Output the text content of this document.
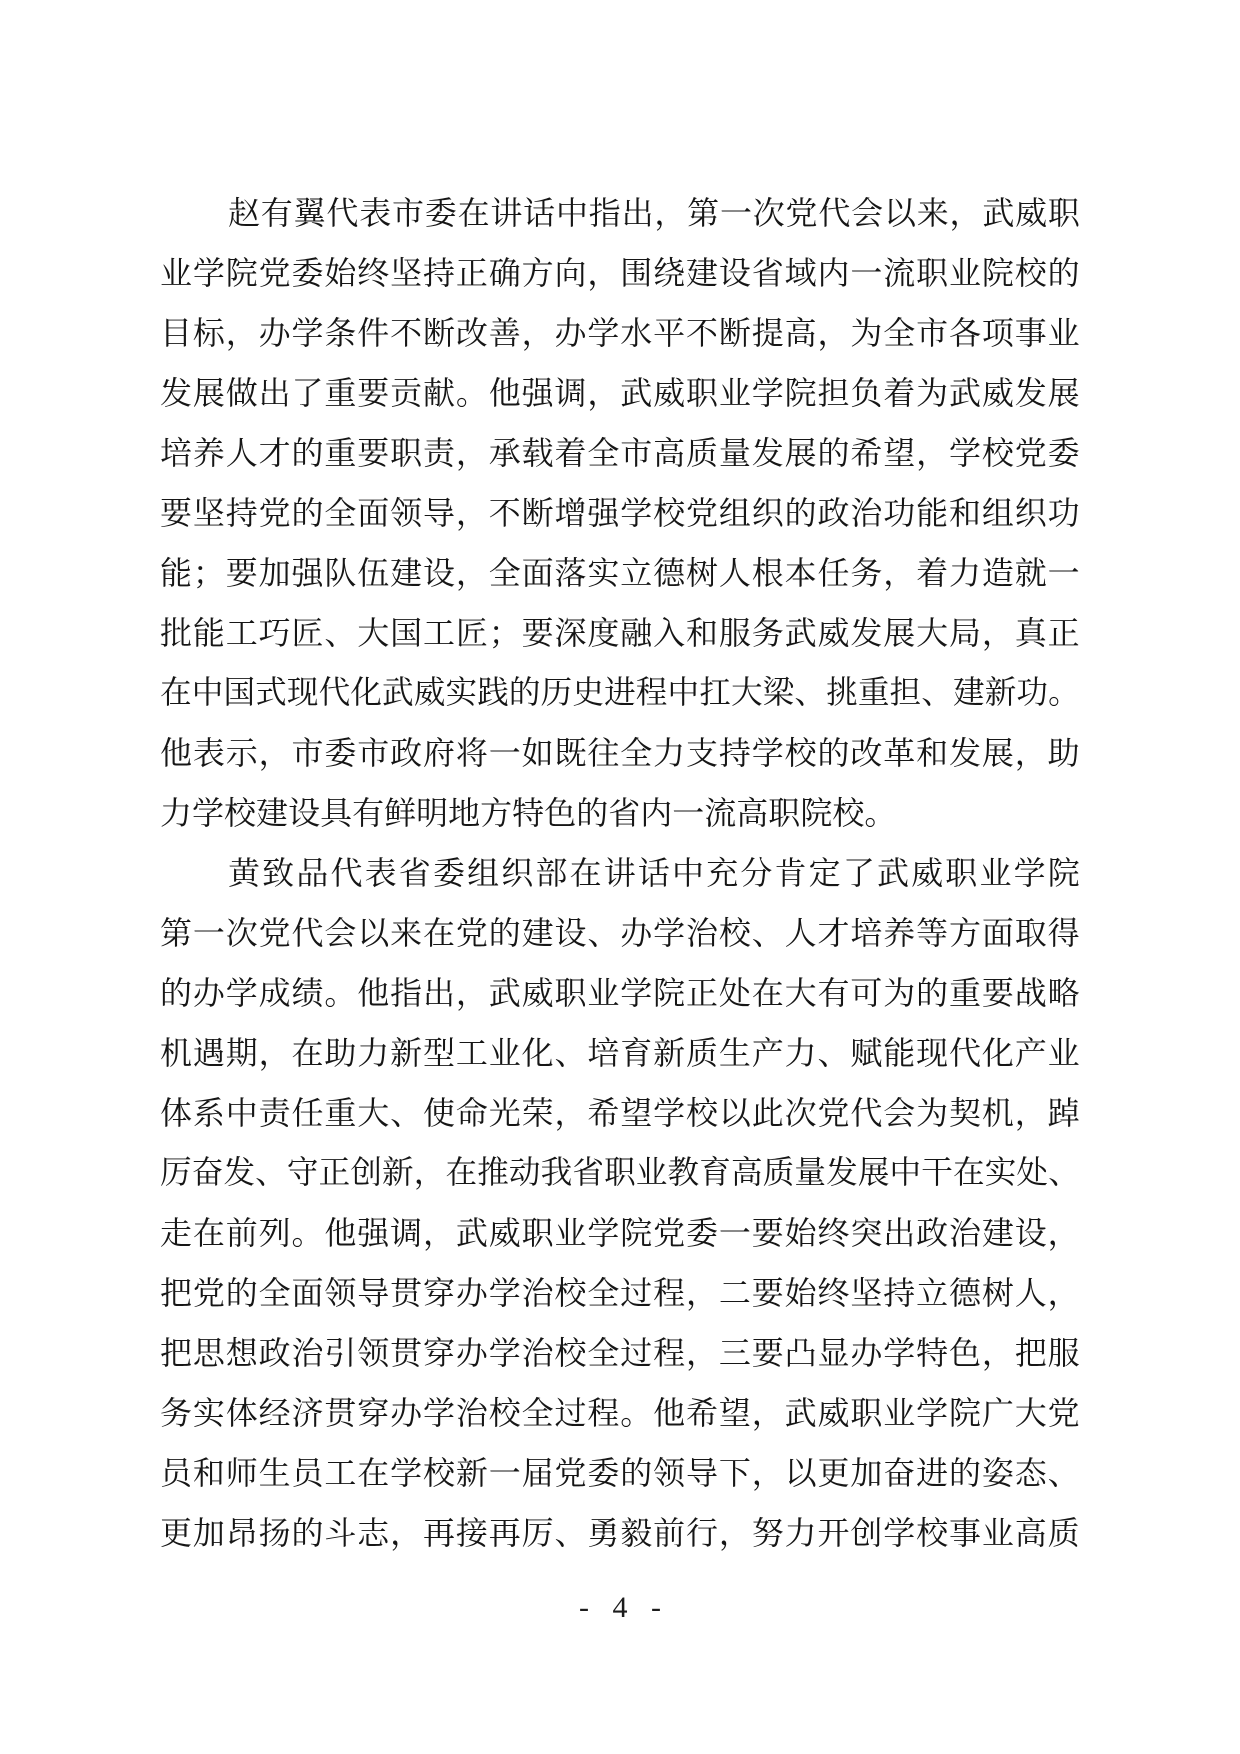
赵 有 翼 代 表 市 委 在 讲 话 中 指 出 ， 第 一 次 党 代 会 以 来 ， 武 威 职
业 学 院 党 委 始 终 坚 持 正 确 方 向 ， 围 绕 建 设 省 域 内 一 流 职 业 院 校 的
目 标 ， 办 学 条 件 不 断 改 善 ， 办 学 水 平 不 断 提 高 ， 为 全 市 各 项 事 业
发 展 做 出 了 重 要 贡 献 。 他 强 调 ， 武 威 职 业 学 院 担 负 着 为 武 威 发 展
培 养 人 才 的 重 要 职 责 ， 承 载 着 全 市 高 质 量 发 展 的 希 望 ， 学 校 党 委
要 坚 持 党 的 全 面 领 导 ， 不 断 增 强 学 校 党 组 织 的 政 治 功 能 和 组 织 功
能 ； 要 加 强 队 伍 建 设 ， 全 面 落 实 立 德 树 人 根 本 任 务 ， 着 力 造 就 一
批 能 工 巧 匠 、 大 国 工 匠 ； 要 深 度 融 入 和 服 务 武 威 发 展 大 局 ， 真 正
在 中 国 式 现 代 化 武 威 实 践 的 历 史 进 程 中 扛 大 梁 、 挑 重 担 、 建 新 功 。
他 表 示 ， 市 委 市 政 府 将 一 如 既 往 全 力 支 持 学 校 的 改 革 和 发 展 ， 助
力 学 校 建 设 具 有 鲜 明 地 方 特 色 的 省 内 一 流 高 职 院 校 。
黄 致 品 代 表 省 委 组 织 部 在 讲 话 中 充 分 肯 定 了 武 威 职 业 学 院
第 一 次 党 代 会 以 来 在 党 的 建 设 、 办 学 治 校 、 人 才 培 养 等 方 面 取 得
的 办 学 成 绩 。 他 指 出 ， 武 威 职 业 学 院 正 处 在 大 有 可 为 的 重 要 战 略
机 遇 期 ， 在 助 力 新 型 工 业 化 、 培 育 新 质 生 产 力 、 赋 能 现 代 化 产 业
体 系 中 责 任 重 大 、 使 命 光 荣 ， 希 望 学 校 以 此 次 党 代 会 为 契 机 ， 踔
厉 奋 发 、 守 正 创 新 ， 在 推 动 我 省 职 业 教 育 高 质 量 发 展 中 干 在 实 处 、
走 在 前 列 。 他 强 调 ， 武 威 职 业 学 院 党 委 一 要 始 终 突 出 政 治 建 设 ，
把 党 的 全 面 领 导 贯 穿 办 学 治 校 全 过 程 ， 二 要 始 终 坚 持 立 德 树 人 ，
把 思 想 政 治 引 领 贯 穿 办 学 治 校 全 过 程 ， 三 要 凸 显 办 学 特 色 ， 把 服
务 实 体 经 济 贯 穿 办 学 治 校 全 过 程 。 他 希 望 ， 武 威 职 业 学 院 广 大 党
员 和 师 生 员 工 在 学 校 新 一 届 党 委 的 领 导 下 ， 以 更 加 奋 进 的 姿 态 、
更 加 昂 扬 的 斗 志 ， 再 接 再 厉 、 勇 毅 前 行 ， 努 力 开 创 学 校 事 业 高 质
- 4 -
